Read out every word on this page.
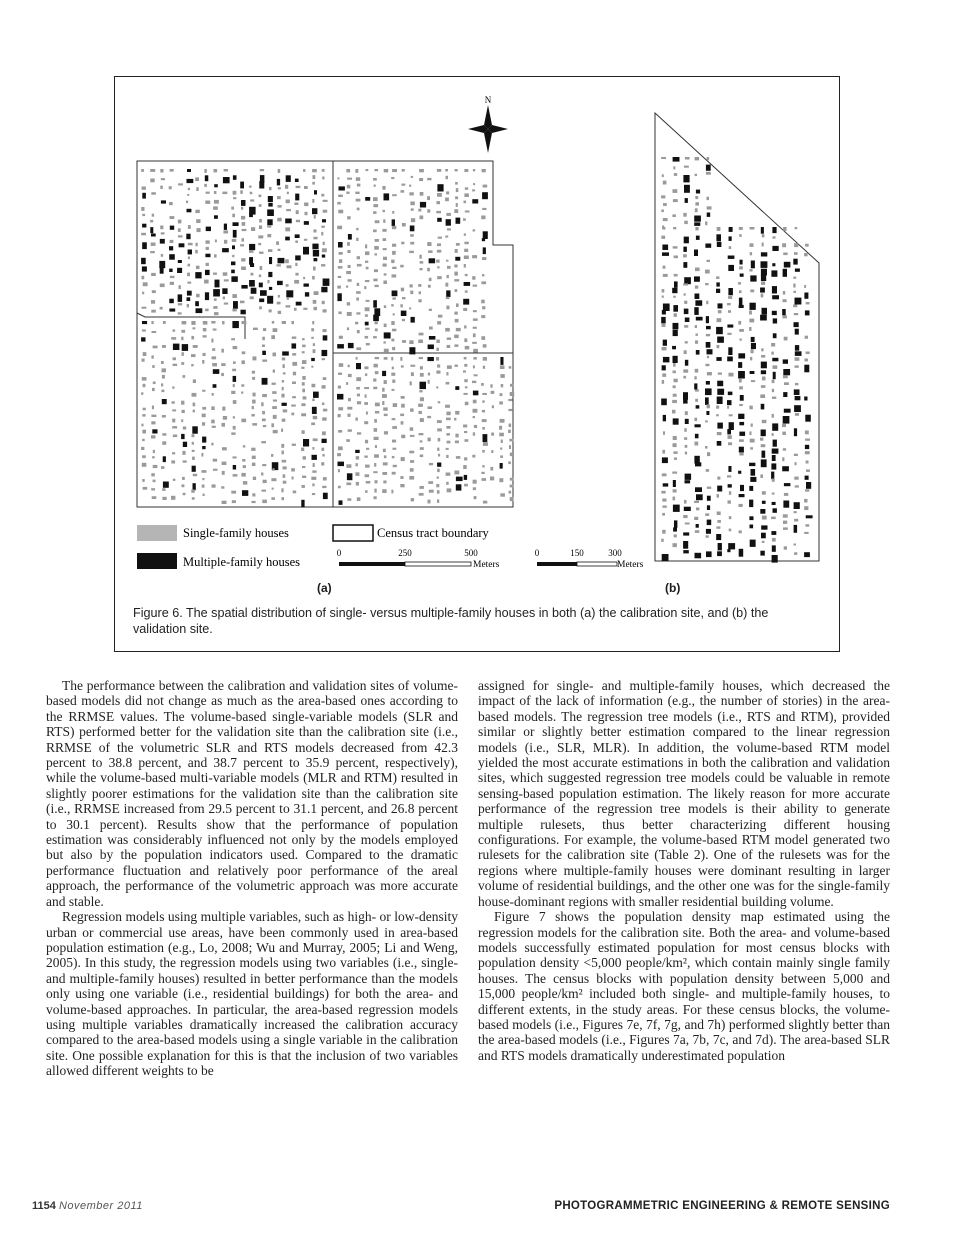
N
Single-family houses
Multiple-family houses
Census tract boundary
0	250	500
Meters
0	150	300
Meters
(a)	(b)
Figure 6. The spatial distribution of single- versus multiple-family houses in both (a) the calibration site, and (b) the validation site.

The performance between the calibration and validation sites of volume-based models did not change as much as the area-based ones according to the RRMSE values. The volume-based single-variable models (SLR and RTS) performed better for the validation site than the calibration site (i.e., RRMSE of the volumetric SLR and RTS models decreased from 42.3 percent to 38.8 percent, and 38.7 percent to 35.9 percent, respectively), while the volume-based multi-variable models (MLR and RTM) resulted in slightly poorer estimations for the validation site than the calibration site (i.e., RRMSE increased from 29.5 percent to 31.1 percent, and 26.8 percent to 30.1 percent). Results show that the performance of population estimation was considerably influenced not only by the models employed but also by the population indicators used. Compared to the dramatic performance fluctuation and relatively poor performance of the areal approach, the performance of the volumetric approach was more accurate and stable.

Regression models using multiple variables, such as high- or low-density urban or commercial use areas, have been commonly used in area-based population estimation (e.g., Lo, 2008; Wu and Murray, 2005; Li and Weng, 2005). In this study, the regression models using two variables (i.e., single- and multiple-family houses) resulted in better performance than the models only using one variable (i.e., residential buildings) for both the area- and volume-based approaches. In particular, the area-based regression models using multiple variables dramatically increased the calibration accuracy compared to the area-based models using a single variable in the calibration site. One possible explanation for this is that the inclusion of two variables allowed different weights to be

assigned for single- and multiple-family houses, which decreased the impact of the lack of information (e.g., the number of stories) in the area-based models. The regression tree models (i.e., RTS and RTM), provided similar or slightly better estimation compared to the linear regression models (i.e., SLR, MLR). In addition, the volume-based RTM model yielded the most accurate estimations in both the calibration and validation sites, which suggested regression tree models could be valuable in remote sensing-based population estimation. The likely reason for more accurate performance of the regression tree models is their ability to generate multiple rulesets, thus better characterizing different housing configurations. For example, the volume-based RTM model generated two rulesets for the calibration site (Table 2). One of the rulesets was for the regions where multiple-family houses were dominant resulting in larger volume of residential buildings, and the other one was for the single-family house-dominant regions with smaller residential building volume.

Figure 7 shows the population density map estimated using the regression models for the calibration site. Both the area- and volume-based models successfully estimated population for most census blocks with population density <5,000 people/km², which contain mainly single family houses. The census blocks with population density between 5,000 and 15,000 people/km² included both single- and multiple-family houses, to different extents, in the study areas. For these census blocks, the volume-based models (i.e., Figures 7e, 7f, 7g, and 7h) performed slightly better than the area-based models (i.e., Figures 7a, 7b, 7c, and 7d). The area-based SLR and RTS models dramatically underestimated population

1154 November 2011	PHOTOGRAMMETRIC ENGINEERING & REMOTE SENSING
